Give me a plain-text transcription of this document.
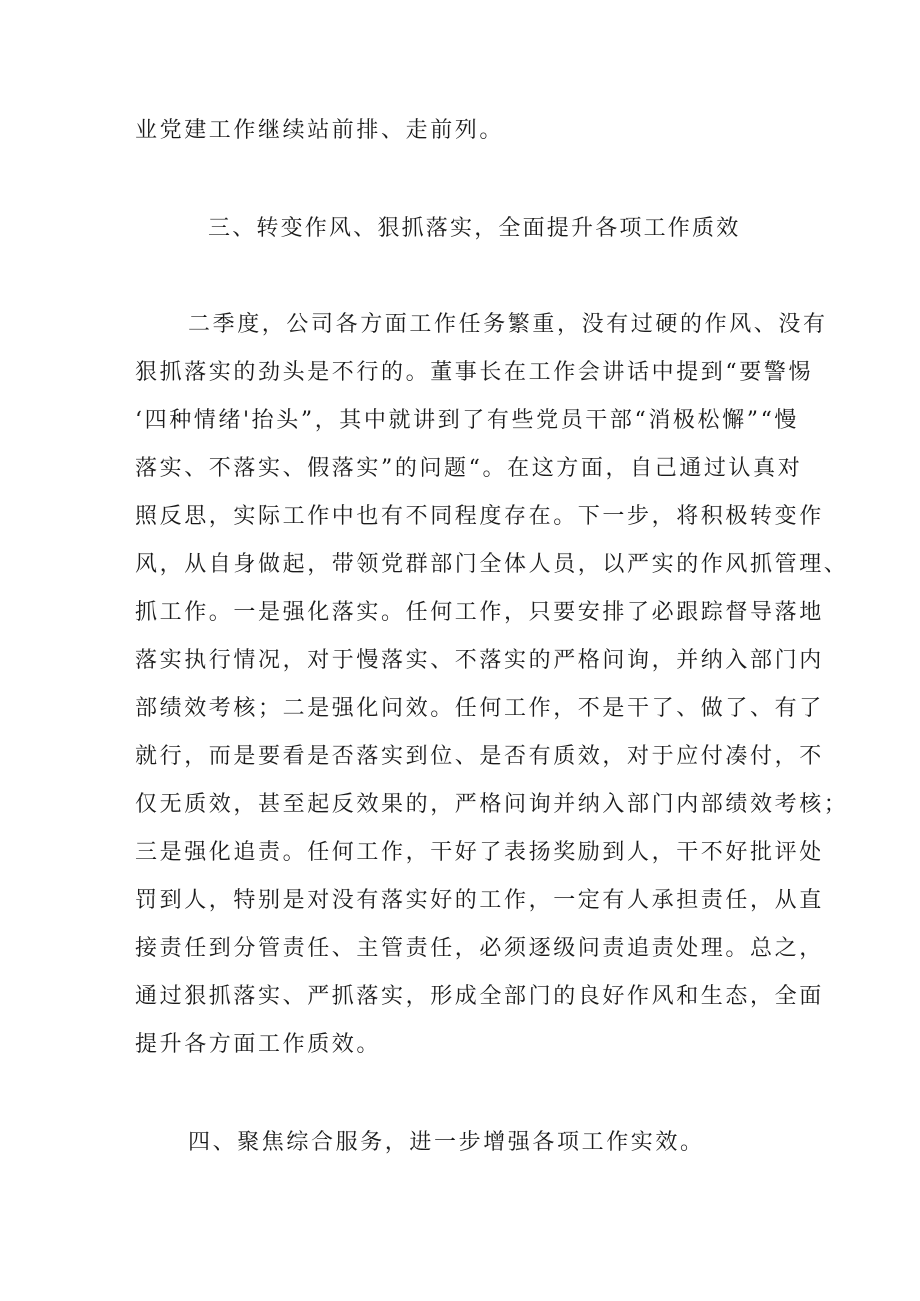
业党建工作继续站前排、走前列。
三、转变作风、狠抓落实，全面提升各项工作质效
二季度，公司各方面工作任务繁重，没有过硬的作风、没有
狠抓落实的劲头是不行的。董事长在工作会讲话中提到“要警惕
‘四种情绪'抬头”，其中就讲到了有些党员干部“消极松懈”“慢
落实、不落实、假落实”的问题“。在这方面，自己通过认真对
照反思，实际工作中也有不同程度存在。下一步，将积极转变作
风，从自身做起，带领党群部门全体人员，以严实的作风抓管理、
抓工作。一是强化落实。任何工作，只要安排了必跟踪督导落地
落实执行情况，对于慢落实、不落实的严格问询，并纳入部门内
部绩效考核；二是强化问效。任何工作，不是干了、做了、有了
就行，而是要看是否落实到位、是否有质效，对于应付凑付，不
仅无质效，甚至起反效果的，严格问询并纳入部门内部绩效考核；
三是强化追责。任何工作，干好了表扬奖励到人，干不好批评处
罚到人，特别是对没有落实好的工作，一定有人承担责任，从直
接责任到分管责任、主管责任，必须逐级问责追责处理。总之，
通过狠抓落实、严抓落实，形成全部门的良好作风和生态，全面
提升各方面工作质效。
四、聚焦综合服务，进一步增强各项工作实效。
